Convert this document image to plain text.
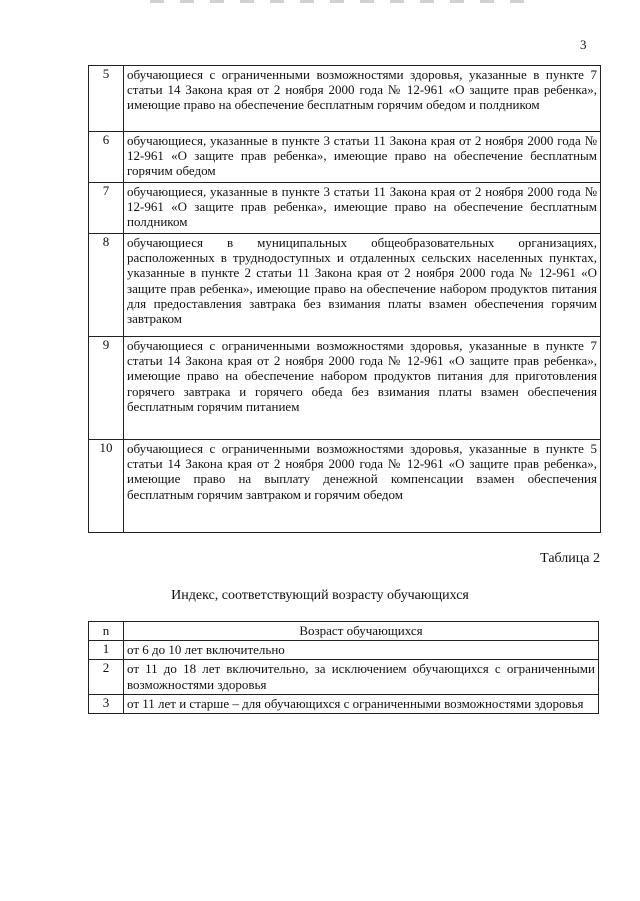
3
5	обучающиеся с ограниченными возможностями здоровья, указанные в пункте 7 статьи 14 Закона края от 2 ноября 2000 года № 12-961 «О защите прав ребенка», имеющие право на обеспечение бесплатным горячим обедом и полдником
6	обучающиеся, указанные в пункте 3 статьи 11 Закона края от 2 ноября 2000 года № 12-961 «О защите прав ребенка», имеющие право на обеспечение бесплатным горячим обедом
7	обучающиеся, указанные в пункте 3 статьи 11 Закона края от 2 ноября 2000 года № 12-961 «О защите прав ребенка», имеющие право на обеспечение бесплатным полдником
8	обучающиеся в муниципальных общеобразовательных организациях, расположенных в труднодоступных и отдаленных сельских населенных пунктах, указанные в пункте 2 статьи 11 Закона края от 2 ноября 2000 года № 12-961 «О защите прав ребенка», имеющие право на обеспечение набором продуктов питания для предоставления завтрака без взимания платы взамен обеспечения горячим завтраком
9	обучающиеся с ограниченными возможностями здоровья, указанные в пункте 7 статьи 14 Закона края от 2 ноября 2000 года № 12-961 «О защите прав ребенка», имеющие право на обеспечение набором продуктов питания для приготовления горячего завтрака и горячего обеда без взимания платы взамен обеспечения бесплатным горячим питанием
10	обучающиеся с ограниченными возможностями здоровья, указанные в пункте 5 статьи 14 Закона края от 2 ноября 2000 года № 12-961 «О защите прав ребенка», имеющие право на выплату денежной компенсации взамен обеспечения бесплатным горячим завтраком и горячим обедом
Таблица 2
Индекс, соответствующий возрасту обучающихся
n	Возраст обучающихся
1	от 6 до 10 лет включительно
2	от 11 до 18 лет включительно, за исключением обучающихся с ограниченными возможностями здоровья
3	от 11 лет и старше – для обучающихся с ограниченными возможностями здоровья
